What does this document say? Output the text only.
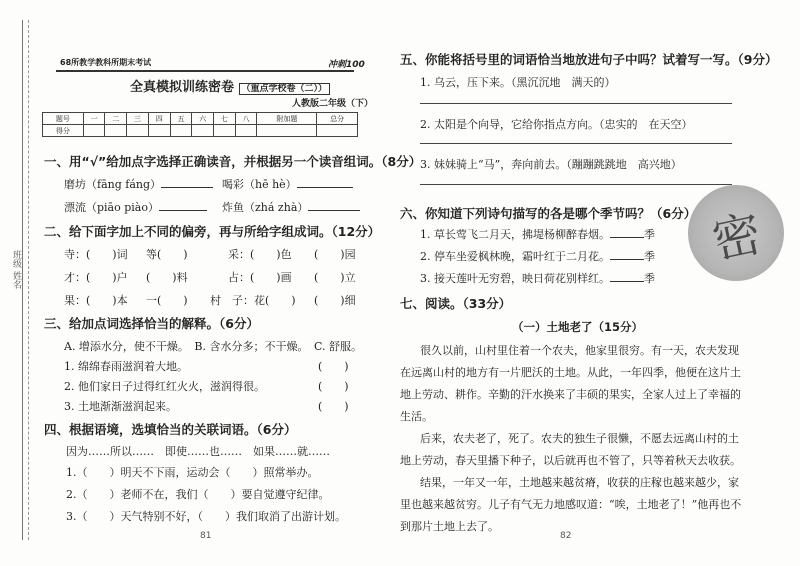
班级 姓名
68所教学教科所期末考试	冲刺100
全真模拟训练密卷 （重点学校卷（二））
人教版二年级（下）
题号	一	二	三	四	五	六	七	八	附加题	总分
得分										
一、用“√”给加点字选择正确读音，并根据另一个读音组词。（8分）
磨坊（fāng fáng）	喝彩（hē hè）
漂流（piāo piào）	炸鱼（zhá zhà）
二、给下面字加上不同的偏旁，再与所给字组成词。（12分）
寺：(　　)词 等(　　)	采：(　　)色 (　　)园
才：(　　)户 (　　)料	占：(　　)画 (　　)立
果：(　　)本 一(　　) 村　子：花(　　) (　　)细
三、给加点词选择恰当的解释。（6分）
A. 增添水分，使不干燥。　B. 含水分多；不干燥。　C. 舒服。
1. 绵绵春雨滋润着大地。	(　　)
2. 他们家日子过得红红火火，滋润得很。	(　　)
3. 土地渐渐滋润起来。	(　　)
四、根据语境，选填恰当的关联词语。（6分）
因为……所以……　即使……也……　如果……就……
1.（　　）明天不下雨，运动会（　　）照常举办。
2.（　　）老师不在，我们（　　）要自觉遵守纪律。
3.（　　）天气特别不好，（　　）我们取消了出游计划。
81
五、你能将括号里的词语恰当地放进句子中吗？试着写一写。（9分）
1. 乌云，压下来。（黑沉沉地　满天的）
2. 太阳是个向导，它给你指点方向。（忠实的　在天空）
3. 妹妹骑上“马”，奔向前去。（蹦蹦跳跳地　高兴地）
密
六、你知道下列诗句描写的各是哪个季节吗？（6分）
1. 草长莺飞二月天，拂堤杨柳醉春烟。	季
2. 停车坐爱枫林晚，霜叶红于二月花。	季
3. 接天莲叶无穷碧，映日荷花别样红。	季
七、阅读。（33分）
（一）土地老了（15分）
很久以前，山村里住着一个农夫，他家里很穷。有一天，农夫发现
在远离山村的地方有一片肥沃的土地。从此，一年四季，他便在这片土
地上劳动、耕作。辛勤的汗水换来了丰硕的果实，全家人过上了幸福的
生活。
后来，农夫老了，死了。农夫的独生子很懒，不愿去远离山村的土
地上劳动，春天里播下种子，以后就再也不管了，只等着秋天去收获。
结果，一年又一年，土地越来越贫瘠，收获的庄稼也越来越少，家
里也越来越贫穷。儿子有气无力地感叹道：“唉，土地老了！”他再也不
到那片土地上去了。
82
